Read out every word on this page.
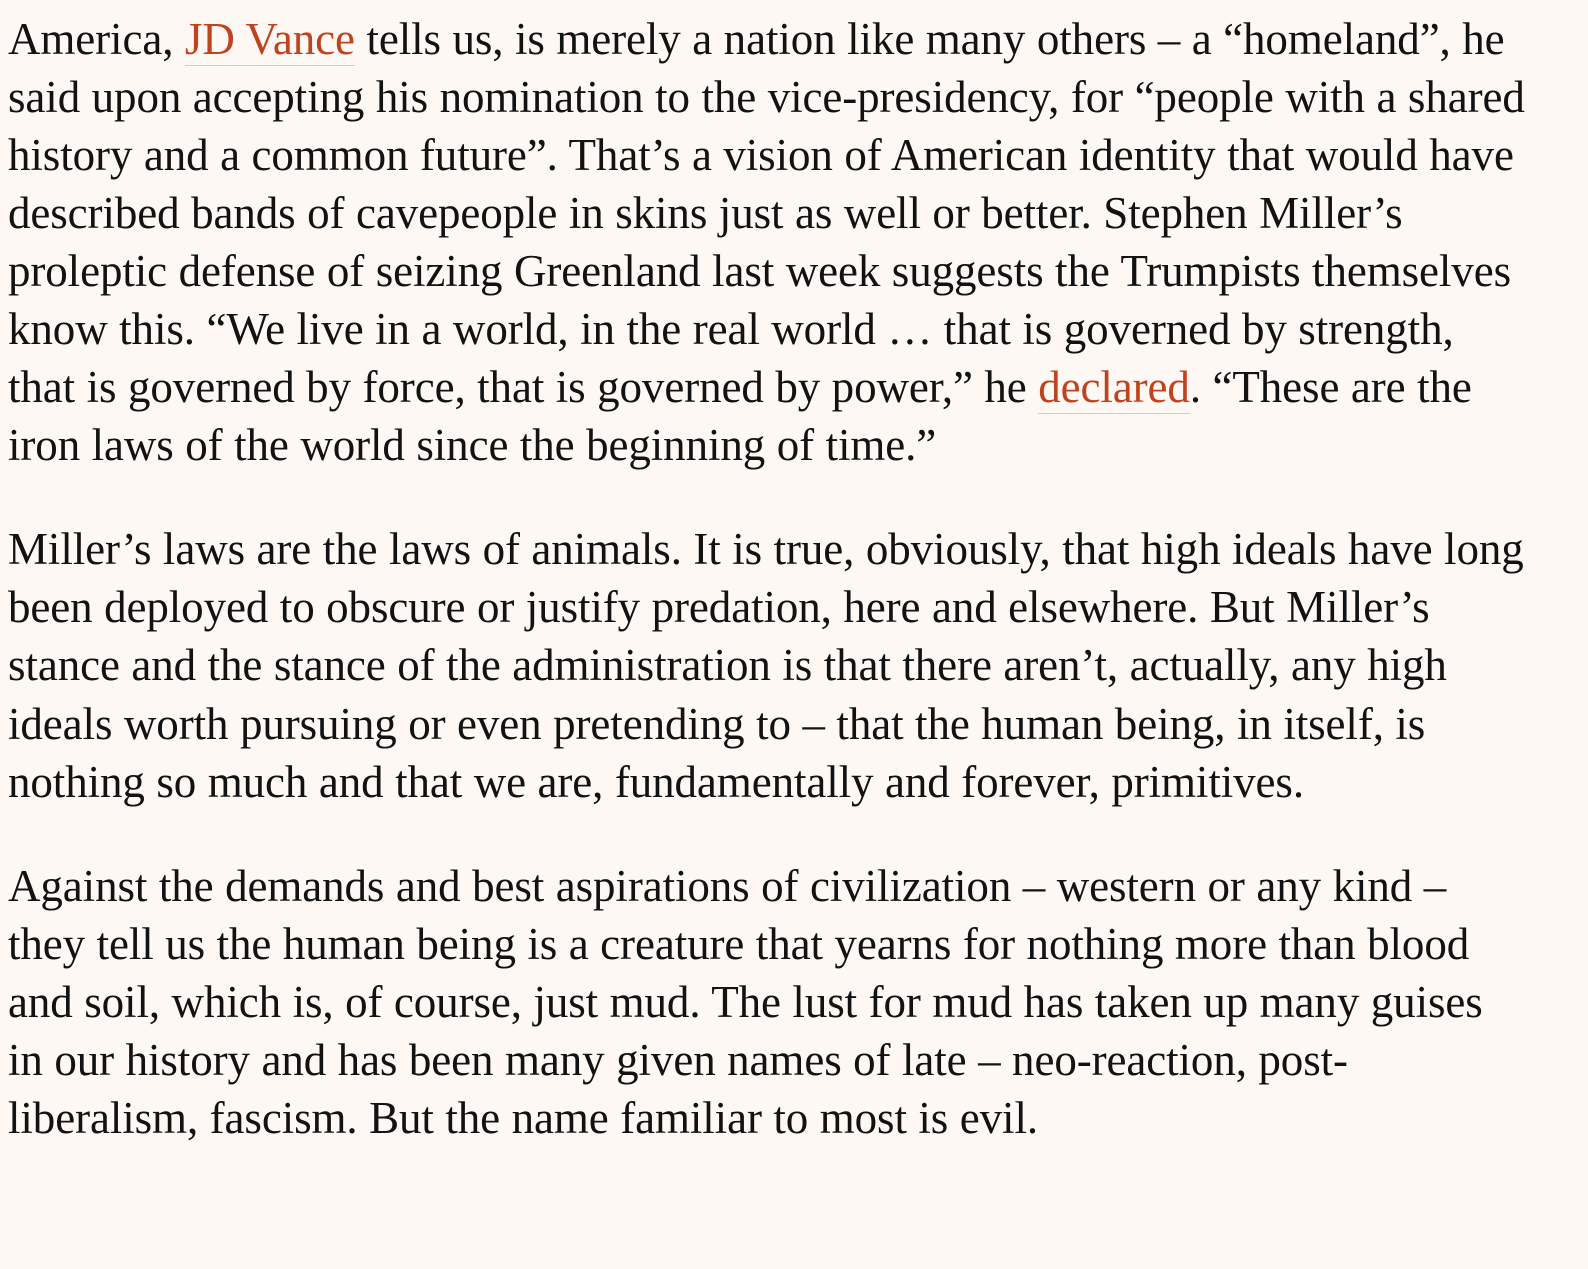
America, JD Vance tells us, is merely a nation like many others – a “homeland”, he said upon accepting his nomination to the vice-presidency, for “people with a shared history and a common future”. That’s a vision of American identity that would have described bands of cavepeople in skins just as well or better. Stephen Miller’s proleptic defense of seizing Greenland last week suggests the Trumpists themselves know this. “We live in a world, in the real world … that is governed by strength, that is governed by force, that is governed by power,” he declared. “These are the iron laws of the world since the beginning of time.”

Miller’s laws are the laws of animals. It is true, obviously, that high ideals have long been deployed to obscure or justify predation, here and elsewhere. But Miller’s stance and the stance of the administration is that there aren’t, actually, any high ideals worth pursuing or even pretending to – that the human being, in itself, is nothing so much and that we are, fundamentally and forever, primitives.

Against the demands and best aspirations of civilization – western or any kind – they tell us the human being is a creature that yearns for nothing more than blood and soil, which is, of course, just mud. The lust for mud has taken up many guises in our history and has been many given names of late – neo-reaction, post-liberalism, fascism. But the name familiar to most is evil.
